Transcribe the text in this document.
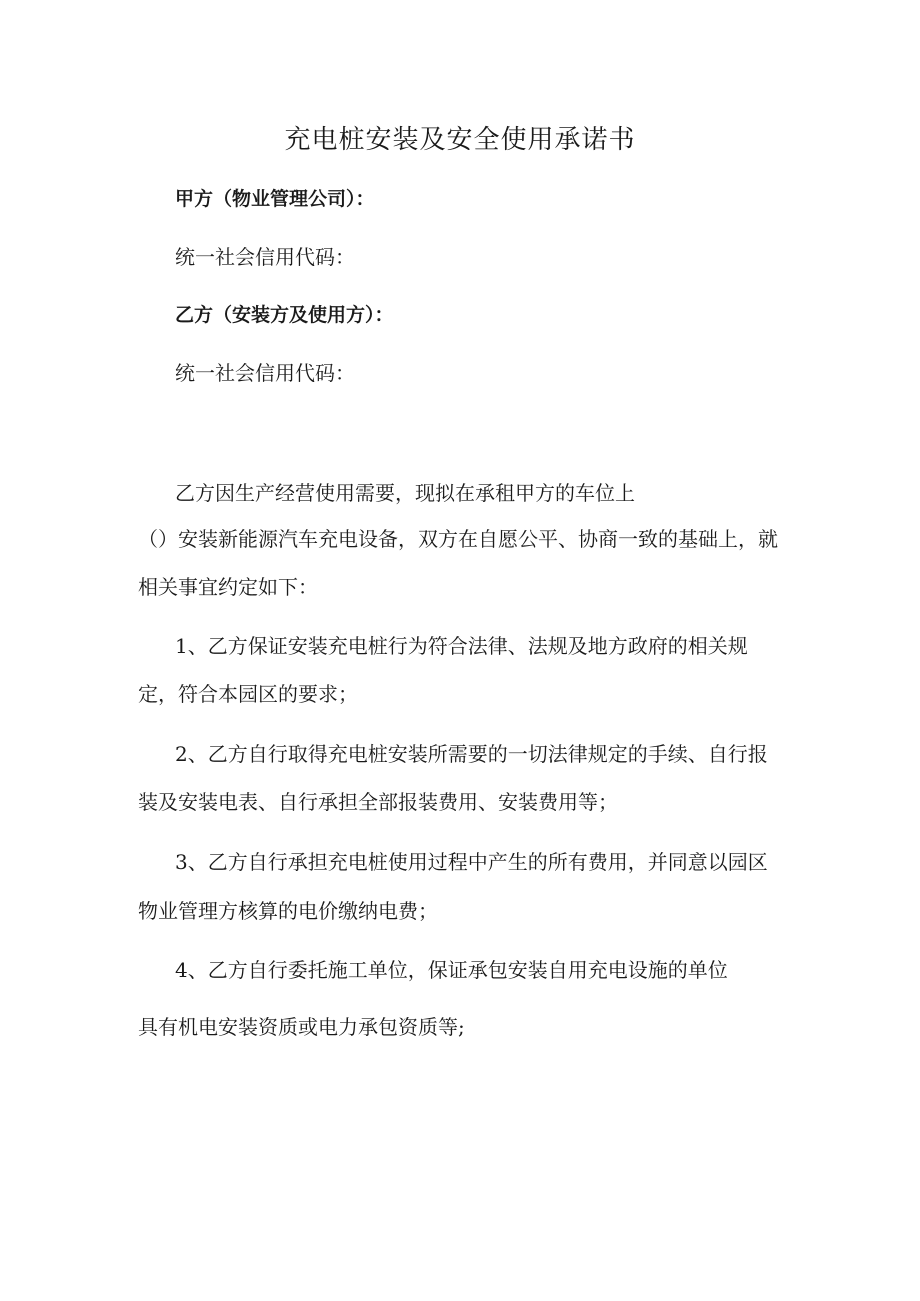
充电桩安装及安全使用承诺书
甲方（物业管理公司）：
统一社会信用代码：
乙方（安装方及使用方）：
统一社会信用代码：
乙方因生产经营使用需要，现拟在承租甲方的车位上
（）安装新能源汽车充电设备，双方在自愿公平、协商一致的基础上，就
相关事宜约定如下：
1、乙方保证安装充电桩行为符合法律、法规及地方政府的相关规
定，符合本园区的要求；
2、乙方自行取得充电桩安装所需要的一切法律规定的手续、自行报
装及安装电表、自行承担全部报装费用、安装费用等；
3、乙方自行承担充电桩使用过程中产生的所有费用，并同意以园区
物业管理方核算的电价缴纳电费；
4、乙方自行委托施工单位，保证承包安装自用充电设施的单位
具有机电安装资质或电力承包资质等;
